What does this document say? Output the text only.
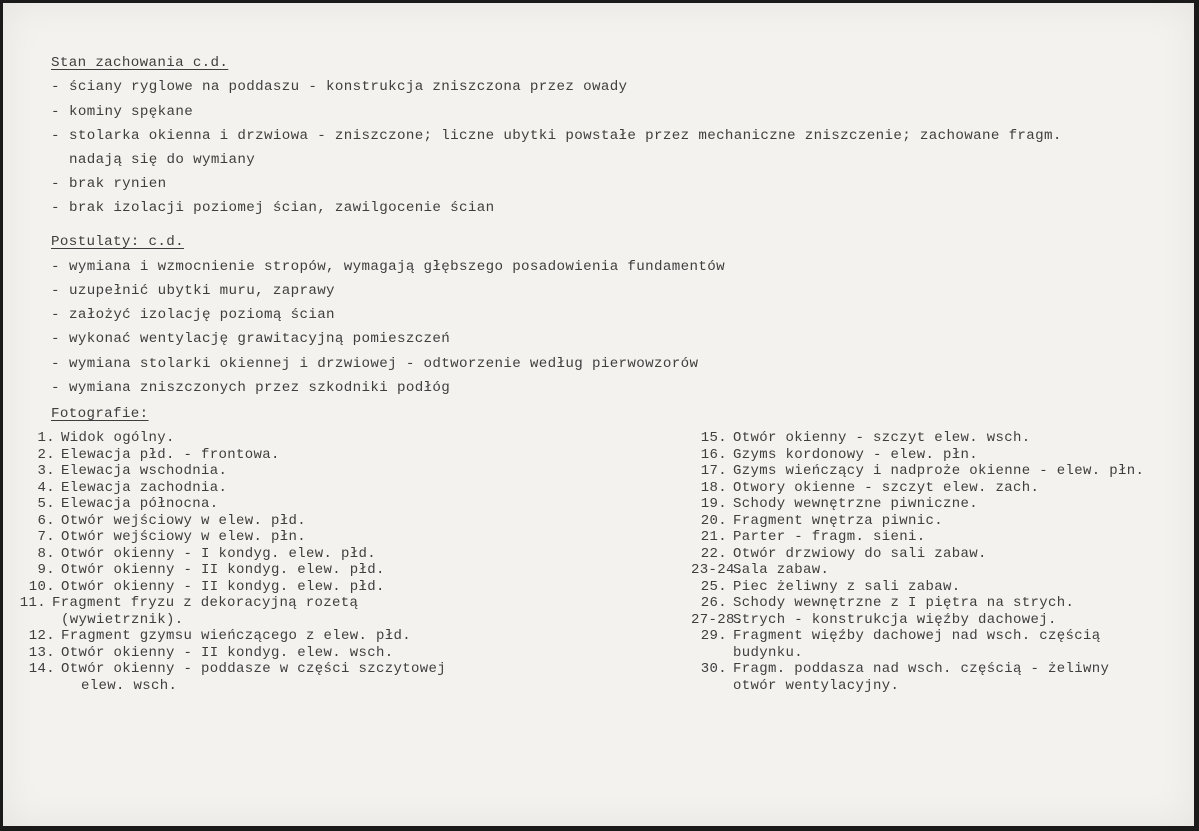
Stan zachowania c.d.
- ściany ryglowe na poddaszu - konstrukcja zniszczona przez owady
- kominy spękane
- stolarka okienna i drzwiowa - zniszczone; liczne ubytki powstałe przez mechaniczne zniszczenie; zachowane fragm.
nadają się do wymiany
- brak rynien
- brak izolacji poziomej ścian, zawilgocenie ścian
Postulaty: c.d.
- wymiana i wzmocnienie stropów, wymagają głębszego posadowienia fundamentów
- uzupełnić ubytki muru, zaprawy
- założyć izolację poziomą ścian
- wykonać wentylację grawitacyjną pomieszczeń
- wymiana stolarki okiennej i drzwiowej - odtworzenie według pierwowzorów
- wymiana zniszczonych przez szkodniki podłóg
Fotografie:
1. Widok ogólny.
2. Elewacja płd. - frontowa.
3. Elewacja wschodnia.
4. Elewacja zachodnia.
5. Elewacja północna.
6. Otwór wejściowy w elew. płd.
7. Otwór wejściowy w elew. płn.
8. Otwór okienny - I kondyg. elew. płd.
9. Otwór okienny - II kondyg. elew. płd.
10. Otwór okienny - II kondyg. elew. płd.
11. Fragment fryzu z dekoracyjną rozetą
(wywietrznik).
12. Fragment gzymsu wieńczącego z elew. płd.
13. Otwór okienny - II kondyg. elew. wsch.
14. Otwór okienny - poddasze w części szczytowej
elew. wsch.
15. Otwór okienny - szczyt elew. wsch.
16. Gzyms kordonowy - elew. płn.
17. Gzyms wieńczący i nadproże okienne - elew. płn.
18. Otwory okienne - szczyt elew. zach.
19. Schody wewnętrzne piwniczne.
20. Fragment wnętrza piwnic.
21. Parter - fragm. sieni.
22. Otwór drzwiowy do sali zabaw.
23-24.Sala zabaw.
25. Piec żeliwny z sali zabaw.
26. Schody wewnętrzne z I piętra na strych.
27-28.Strych - konstrukcja więźby dachowej.
29. Fragment więźby dachowej nad wsch. częścią
budynku.
30. Fragm. poddasza nad wsch. częścią - żeliwny
otwór wentylacyjny.
